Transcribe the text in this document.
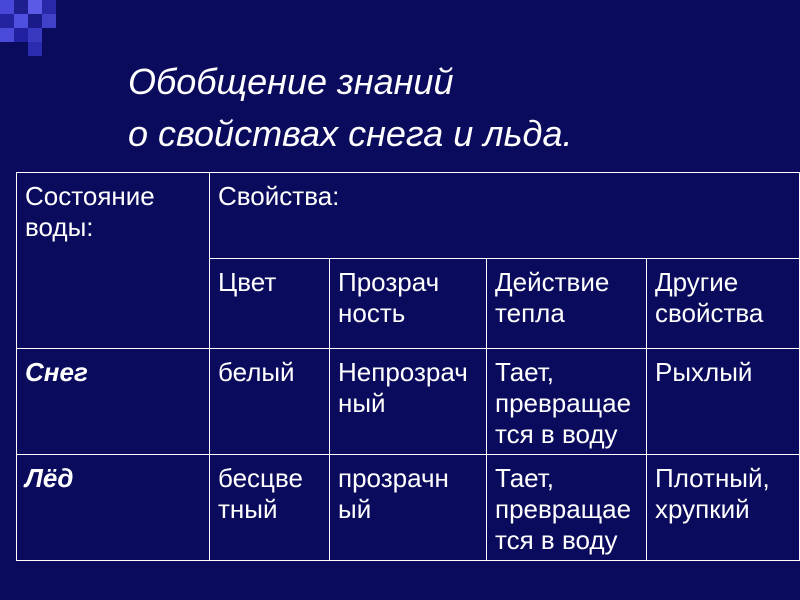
Обобщение знаний
о свойствах снега и льда.
Состояние воды:	Свойства:			
	Цвет	Прозрач ность	Действие тепла	Другие свойства
Снег	белый	Непрозрач ный	Тает, превращае тся в воду	Рыхлый
Лёд	бесцве тный	прозрачн ый	Тает, превращае тся в воду	Плотный, хрупкий
